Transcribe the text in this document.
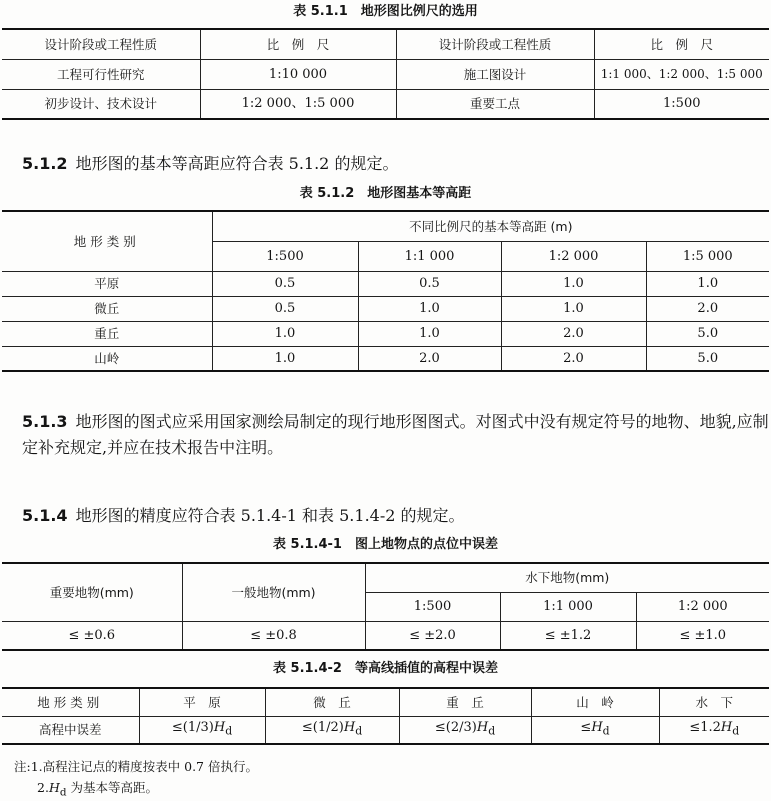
表 5.1.1　地形图比例尺的选用
设计阶段或工程性质	比　例　尺	设计阶段或工程性质	比　例　尺
工程可行性研究	1:10 000	施工图设计	1:1 000、1:2 000、1:5 000
初步设计、技术设计	1:2 000、1:5 000	重要工点	1:500
5.1.2 地形图的基本等高距应符合表 5.1.2 的规定。
表 5.1.2　地形图基本等高距
地形类别	不同比例尺的基本等高距 (m)			
	1:500	1:1 000	1:2 000	1:5 000
平原	0.5	0.5	1.0	1.0
微丘	0.5	1.0	1.0	2.0
重丘	1.0	1.0	2.0	5.0
山岭	1.0	2.0	2.0	5.0
5.1.3 地形图的图式应采用国家测绘局制定的现行地形图图式。对图式中没有规定符号的地物、地貌,应制定补充规定,并应在技术报告中注明。
5.1.4 地形图的精度应符合表 5.1.4-1 和表 5.1.4-2 的规定。
表 5.1.4-1　图上地物点的点位中误差
重要地物(mm)	一般地物(mm)	水下地物(mm)		
		1:500	1:1 000	1:2 000
≤ ±0.6	≤ ±0.8	≤ ±2.0	≤ ±1.2	≤ ±1.0
表 5.1.4-2　等高线插值的高程中误差
地形类别	平　原	微　丘	重　丘	山　岭	水　下
高程中误差	$\le(1/3)H_d$	$\le(1/2)H_d$	$\le(2/3)H_d$	$\le H_d$	$\le 1.2H_d$
注:1.高程注记点的精度按表中 0.7 倍执行。
$2.H_d$ 为基本等高距。
